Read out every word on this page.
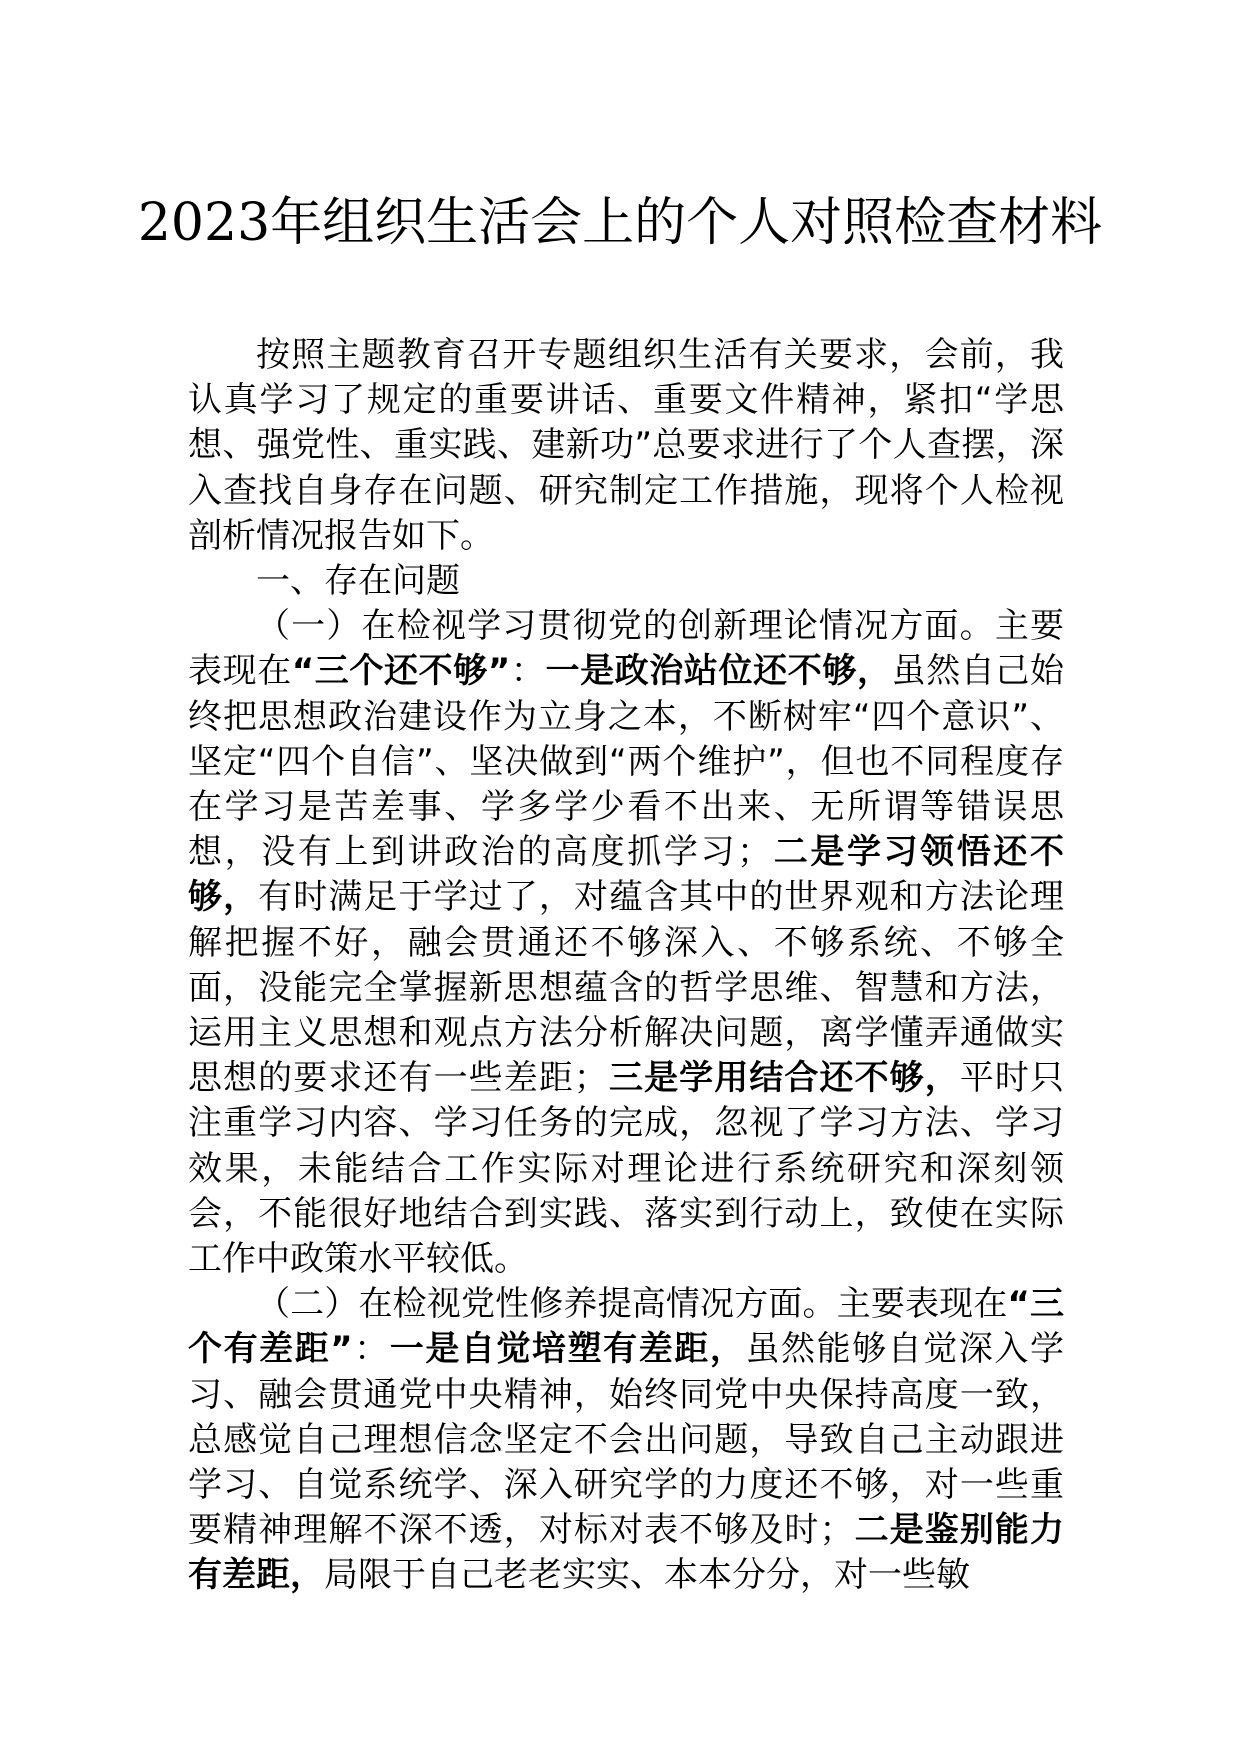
2023年组织生活会上的个人对照检查材料

按照主题教育召开专题组织生活有关要求，会前，我认真学习了规定的重要讲话、重要文件精神，紧扣“学思想、强党性、重实践、建新功”总要求进行了个人查摆，深入查找自身存在问题、研究制定工作措施，现将个人检视剖析情况报告如下。

一、存在问题

（一）在检视学习贯彻党的创新理论情况方面。主要表现在“三个还不够”：一是政治站位还不够，虽然自己始终把思想政治建设作为立身之本，不断树牢“四个意识”、坚定“四个自信”、坚决做到“两个维护”，但也不同程度存在学习是苦差事、学多学少看不出来、无所谓等错误思想，没有上到讲政治的高度抓学习；二是学习领悟还不够，有时满足于学过了，对蕴含其中的世界观和方法论理解把握不好，融会贯通还不够深入、不够系统、不够全面，没能完全掌握新思想蕴含的哲学思维、智慧和方法，运用主义思想和观点方法分析解决问题，离学懂弄通做实思想的要求还有一些差距；三是学用结合还不够，平时只注重学习内容、学习任务的完成，忽视了学习方法、学习效果，未能结合工作实际对理论进行系统研究和深刻领会，不能很好地结合到实践、落实到行动上，致使在实际工作中政策水平较低。

（二）在检视党性修养提高情况方面。主要表现在“三个有差距”：一是自觉培塑有差距，虽然能够自觉深入学习、融会贯通党中央精神，始终同党中央保持高度一致，总感觉自己理想信念坚定不会出问题，导致自己主动跟进学习、自觉系统学、深入研究学的力度还不够，对一些重要精神理解不深不透，对标对表不够及时；二是鉴别能力有差距，局限于自己老老实实、本本分分，对一些敏
